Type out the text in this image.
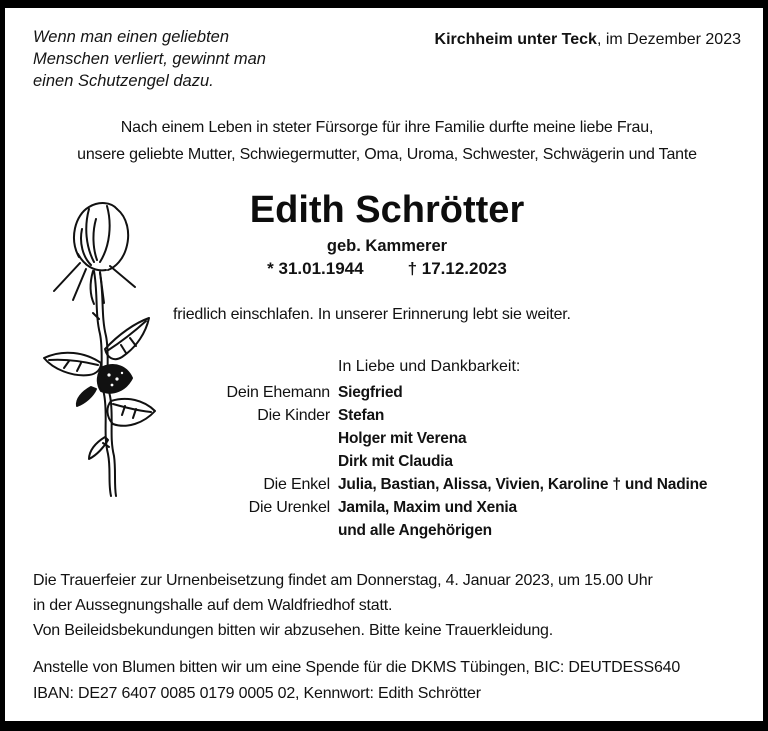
Wenn man einen geliebten
Menschen verliert, gewinnt man
einen Schutzengel dazu.
Kirchheim unter Teck, im Dezember 2023
Nach einem Leben in steter Fürsorge für ihre Familie durfte meine liebe Frau,
unsere geliebte Mutter, Schwiegermutter, Oma, Uroma, Schwester, Schwägerin und Tante
Edith Schrötter
geb. Kammerer
* 31.01.1944	† 17.12.2023
friedlich einschlafen. In unserer Erinnerung lebt sie weiter.
In Liebe und Dankbarkeit:
Dein Ehemann Siegfried
Die Kinder Stefan
Holger mit Verena
Dirk mit Claudia
Die Enkel Julia, Bastian, Alissa, Vivien, Karoline † und Nadine
Die Urenkel Jamila, Maxim und Xenia
und alle Angehörigen
Die Trauerfeier zur Urnenbeisetzung findet am Donnerstag, 4. Januar 2023, um 15.00 Uhr
in der Aussegnungshalle auf dem Waldfriedhof statt.
Von Beileidsbekundungen bitten wir abzusehen. Bitte keine Trauerkleidung.
Anstelle von Blumen bitten wir um eine Spende für die DKMS Tübingen, BIC: DEUTDESS640
IBAN: DE27 6407 0085 0179 0005 02, Kennwort: Edith Schrötter
